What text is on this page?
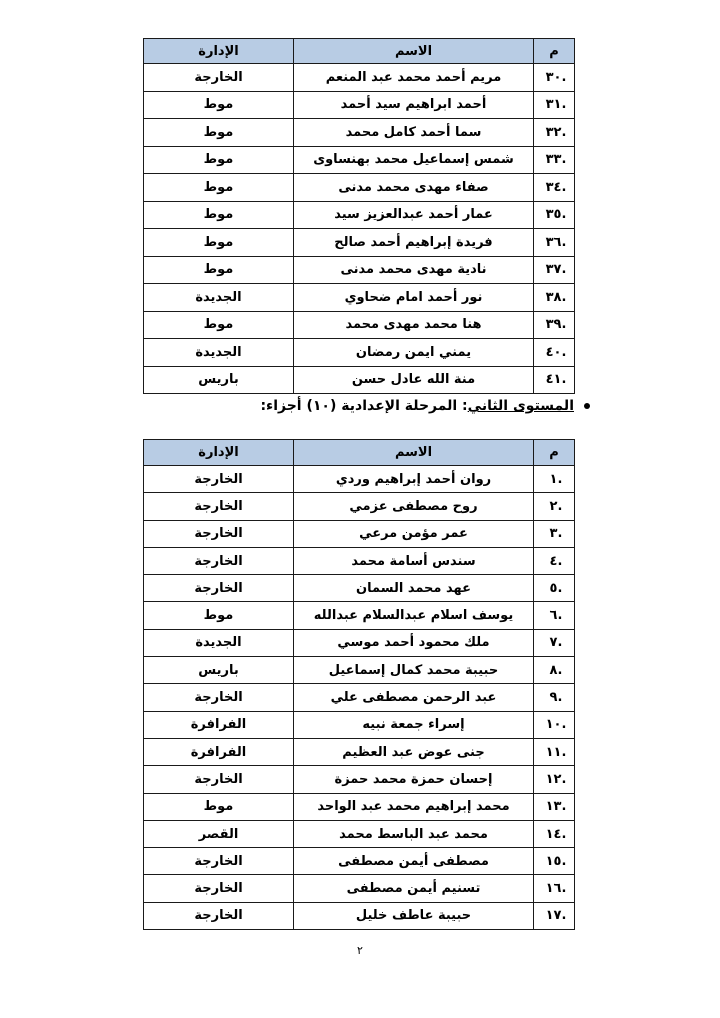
م	الاسم	الإدارة
.٣٠	مريم أحمد محمد عبد المنعم	الخارجة
.٣١	أحمد ابراهيم سيد أحمد	موط
.٣٢	سما أحمد كامل محمد	موط
.٣٣	شمس إسماعيل محمد بهنساوى	موط
.٣٤	صفاء مهدى محمد مدنى	موط
.٣٥	عمار أحمد عبدالعزيز سيد	موط
.٣٦	فريدة إبراهيم أحمد صالح	موط
.٣٧	نادية مهدى محمد مدنى	موط
.٣٨	نور أحمد امام ضحاوي	الجديدة
.٣٩	هنا محمد مهدى محمد	موط
.٤٠	يمني ايمن رمضان	الجديدة
.٤١	منة الله عادل حسن	باريس
المستوى الثاني: المرحلة الإعدادية (١٠) أجزاء:
م	الاسم	الإدارة
.١	روان أحمد إبراهيم وردي	الخارجة
.٢	روح مصطفى عزمي	الخارجة
.٣	عمر مؤمن مرعي	الخارجة
.٤	سندس أسامة محمد	الخارجة
.٥	عهد محمد السمان	الخارجة
.٦	يوسف اسلام عبدالسلام عبدالله	موط
.٧	ملك محمود أحمد موسي	الجديدة
.٨	حبيبة محمد كمال إسماعيل	باريس
.٩	عبد الرحمن مصطفى علي	الخارجة
.١٠	إسراء جمعة نبيه	الفرافرة
.١١	جنى عوض عبد العظيم	الفرافرة
.١٢	إحسان حمزة محمد حمزة	الخارجة
.١٣	محمد إبراهيم محمد عبد الواحد	موط
.١٤	محمد عبد الباسط محمد	القصر
.١٥	مصطفى أيمن مصطفى	الخارجة
.١٦	تسنيم أيمن مصطفى	الخارجة
.١٧	حبيبة عاطف خليل	الخارجة
٢
